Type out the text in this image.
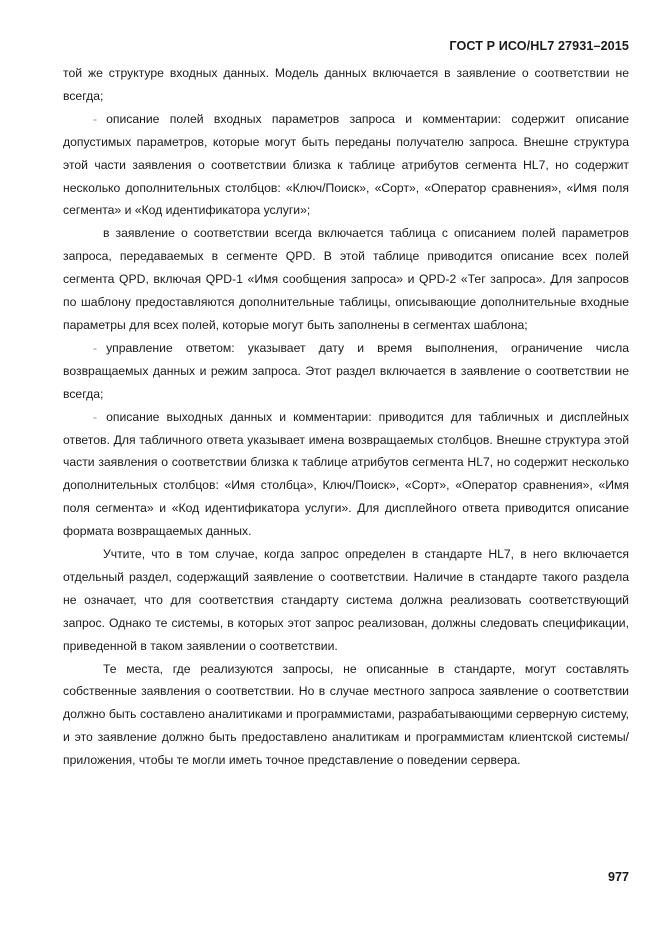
ГОСТ Р ИСО/HL7 27931–2015

той же структуре входных данных. Модель данных включается в заявление о соответствии не всегда;

- описание полей входных параметров запроса и комментарии: содержит описание допустимых параметров, которые могут быть переданы получателю запроса. Внешне структура этой части заявления о соответствии близка к таблице атрибутов сегмента HL7, но содержит несколько дополнительных столбцов: «Ключ/Поиск», «Сорт», «Оператор сравнения», «Имя поля сегмента» и «Код идентификатора услуги»;

в заявление о соответствии всегда включается таблица с описанием полей параметров запроса, передаваемых в сегменте QPD. В этой таблице приводится описание всех полей сегмента QPD, включая QPD-1 «Имя сообщения запроса» и QPD-2 «Тег запроса». Для запросов по шаблону предоставляются дополнительные таблицы, описывающие дополнительные входные параметры для всех полей, которые могут быть заполнены в сегментах шаблона;

- управление ответом: указывает дату и время выполнения, ограничение числа возвращаемых данных и режим запроса. Этот раздел включается в заявление о соответствии не всегда;

- описание выходных данных и комментарии: приводится для табличных и дисплейных ответов. Для табличного ответа указывает имена возвращаемых столбцов. Внешне структура этой части заявления о соответствии близка к таблице атрибутов сегмента HL7, но содержит несколько дополнительных столбцов: «Имя столбца», Ключ/Поиск», «Сорт», «Оператор сравнения», «Имя поля сегмента» и «Код идентификатора услуги». Для дисплейного ответа приводится описание формата возвращаемых данных.

Учтите, что в том случае, когда запрос определен в стандарте HL7, в него включается отдельный раздел, содержащий заявление о соответствии. Наличие в стандарте такого раздела не означает, что для соответствия стандарту система должна реализовать соответствующий запрос. Однако те системы, в которых этот запрос реализован, должны следовать спецификации, приведенной в таком заявлении о соответствии.

Те места, где реализуются запросы, не описанные в стандарте, могут составлять собственные заявления о соответствии. Но в случае местного запроса заявление о соответствии должно быть составлено аналитиками и программистами, разрабатывающими серверную систему, и это заявление должно быть предоставлено аналитикам и программистам клиентской системы/приложения, чтобы те могли иметь точное представление о поведении сервера.

977
